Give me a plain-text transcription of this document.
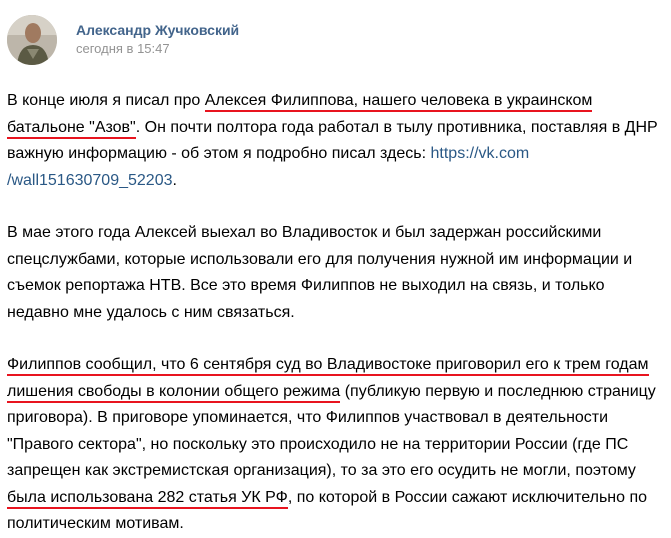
Александр Жучковский
сегодня в 15:47

В конце июля я писал про Алексея Филиппова, нашего человека в украинском
батальоне "Азов". Он почти полтора года работал в тылу противника, поставляя в ДНР
важную информацию - об этом я подробно писал здесь: https://vk.com
/wall151630709_52203.

В мае этого года Алексей выехал во Владивосток и был задержан российскими
спецслужбами, которые использовали его для получения нужной им информации и
съемок репортажа НТВ. Все это время Филиппов не выходил на связь, и только
недавно мне удалось с ним связаться.

Филиппов сообщил, что 6 сентября суд во Владивостоке приговорил его к трем годам
лишения свободы в колонии общего режима (публикую первую и последнюю страницу
приговора). В приговоре упоминается, что Филиппов участвовал в деятельности
"Правого сектора", но поскольку это происходило не на территории России (где ПС
запрещен как экстремистская организация), то за это его осудить не могли, поэтому
была использована 282 статья УК РФ, по которой в России сажают исключительно по
политическим мотивам.
